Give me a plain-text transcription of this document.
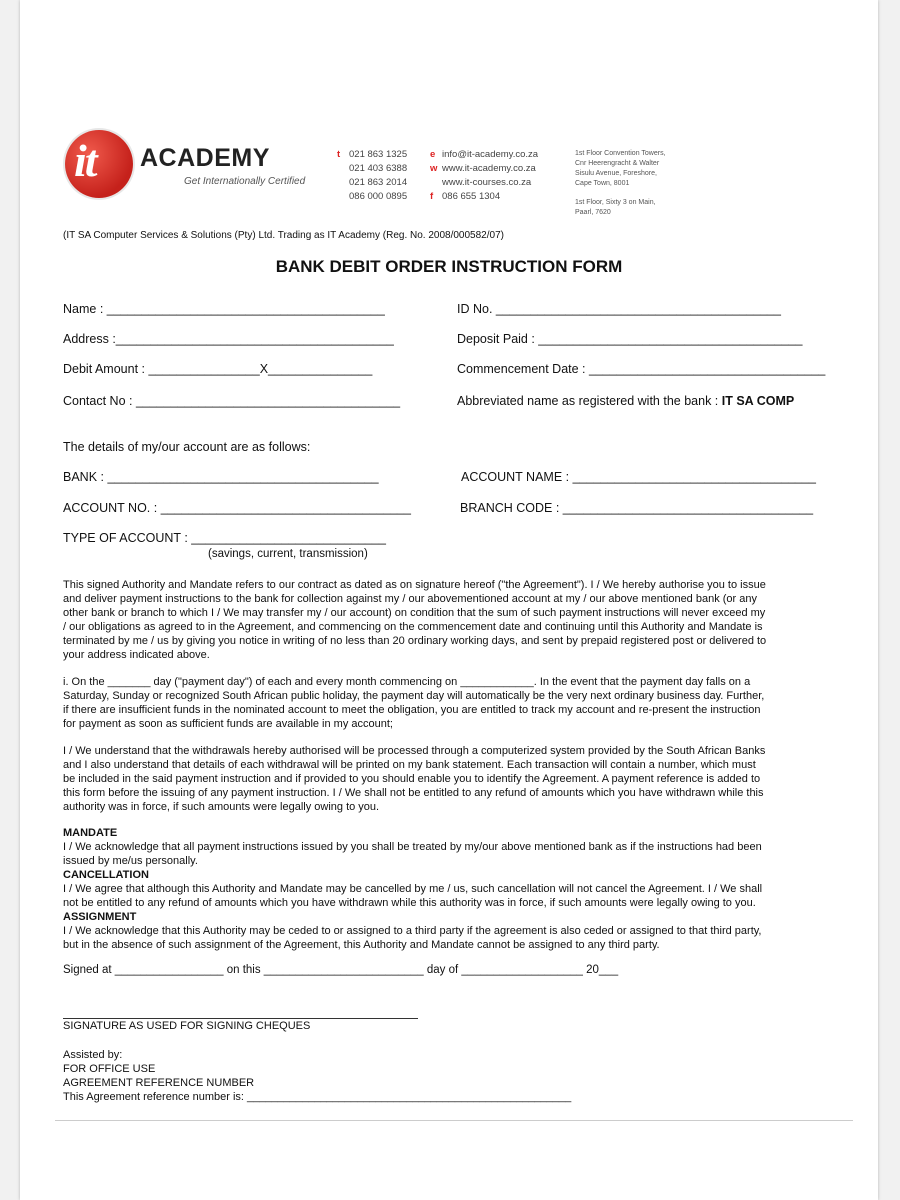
it ACADEMY
Get Internationally Certified
t 021 863 1325
021 403 6388
021 863 2014
086 000 0895
e info@it-academy.co.za
w www.it-academy.co.za
www.it-courses.co.za
f 086 655 1304
1st Floor Convention Towers,
Cnr Heerengracht & Walter
Sisulu Avenue, Foreshore,
Cape Town, 8001
1st Floor, Sixty 3 on Main,
Paarl, 7620
(IT SA Computer Services & Solutions (Pty) Ltd. Trading as IT Academy (Reg. No. 2008/000582/07)
BANK DEBIT ORDER INSTRUCTION FORM
Name : ________________________________________	ID No. _________________________________________
Address :________________________________________	Deposit Paid : ______________________________________
Debit Amount : ________________X_______________	Commencement Date : __________________________________
Contact No : ______________________________________	Abbreviated name as registered with the bank : IT SA COMP
The details of my/our account are as follows:
BANK : _______________________________________	ACCOUNT NAME : ___________________________________
ACCOUNT NO. : ____________________________________	BRANCH CODE : ____________________________________
TYPE OF ACCOUNT : ____________________________
(savings, current, transmission)
This signed Authority and Mandate refers to our contract as dated as on signature hereof ("the Agreement"). I / We hereby authorise you to issue
and deliver payment instructions to the bank for collection against my / our abovementioned account at my / our above mentioned bank (or any
other bank or branch to which I / We may transfer my / our account) on condition that the sum of such payment instructions will never exceed my
/ our obligations as agreed to in the Agreement, and commencing on the commencement date and continuing until this Authority and Mandate is
terminated by me / us by giving you notice in writing of no less than 20 ordinary working days, and sent by prepaid registered post or delivered to
your address indicated above.
i. On the _______ day ("payment day") of each and every month commencing on ____________. In the event that the payment day falls on a
Saturday, Sunday or recognized South African public holiday, the payment day will automatically be the very next ordinary business day. Further,
if there are insufficient funds in the nominated account to meet the obligation, you are entitled to track my account and re-present the instruction
for payment as soon as sufficient funds are available in my account;
I / We understand that the withdrawals hereby authorised will be processed through a computerized system provided by the South African Banks
and I also understand that details of each withdrawal will be printed on my bank statement. Each transaction will contain a number, which must
be included in the said payment instruction and if provided to you should enable you to identify the Agreement. A payment reference is added to
this form before the issuing of any payment instruction. I / We shall not be entitled to any refund of amounts which you have withdrawn while this
authority was in force, if such amounts were legally owing to you.
MANDATE
I / We acknowledge that all payment instructions issued by you shall be treated by my/our above mentioned bank as if the instructions had been
issued by me/us personally.
CANCELLATION
I / We agree that although this Authority and Mandate may be cancelled by me / us, such cancellation will not cancel the Agreement. I / We shall
not be entitled to any refund of amounts which you have withdrawn while this authority was in force, if such amounts were legally owing to you.
ASSIGNMENT
I / We acknowledge that this Authority may be ceded to or assigned to a third party if the agreement is also ceded or assigned to that third party,
but in the absence of such assignment of the Agreement, this Authority and Mandate cannot be assigned to any third party.
Signed at _________________ on this _________________________ day of ___________________ 20___
SIGNATURE AS USED FOR SIGNING CHEQUES
Assisted by:
FOR OFFICE USE
AGREEMENT REFERENCE NUMBER
This Agreement reference number is: _____________________________________________________
